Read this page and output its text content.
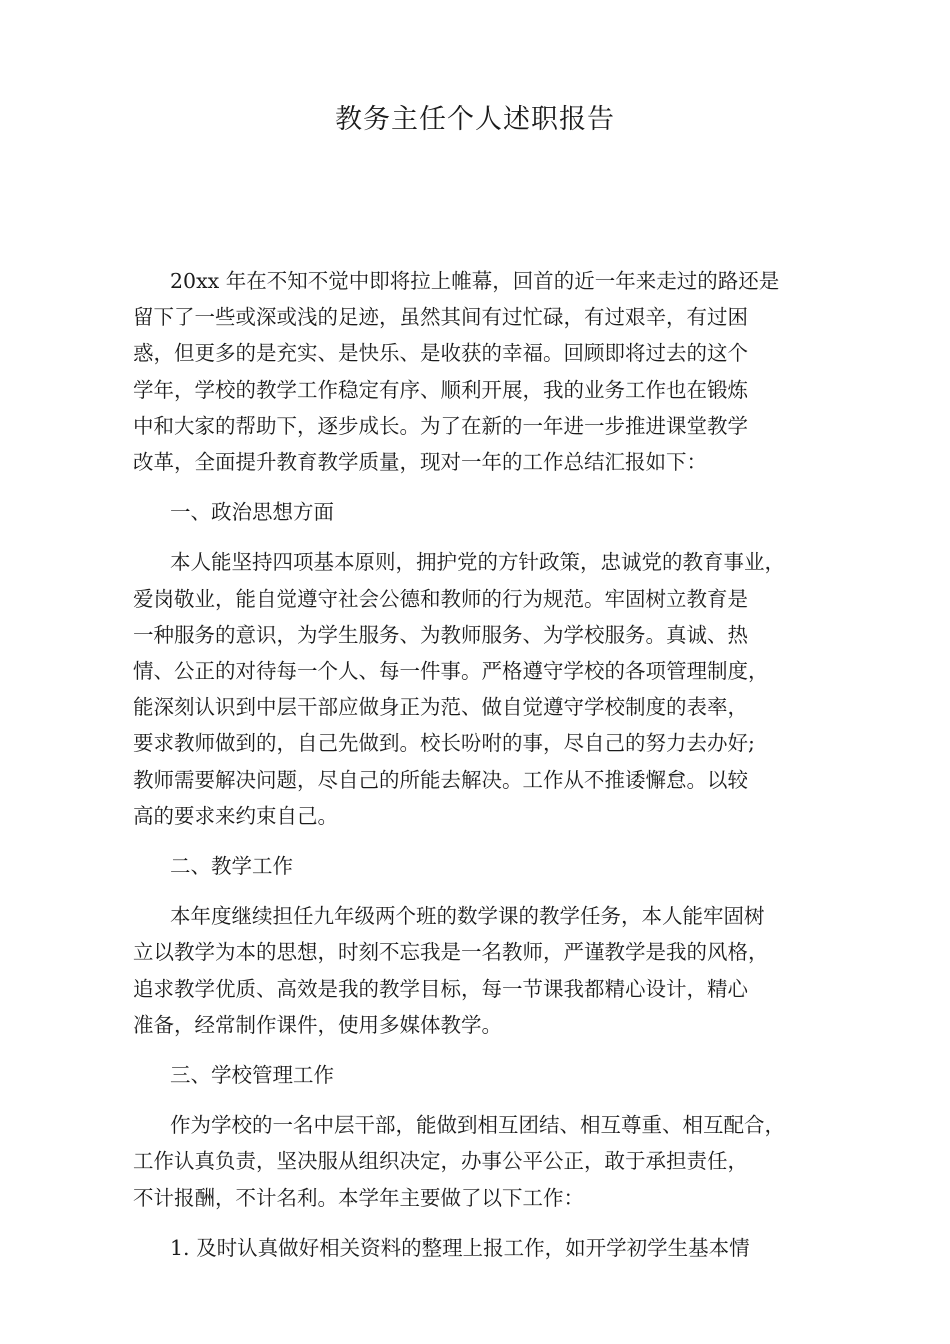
教务主任个人述职报告
20xx 年在不知不觉中即将拉上帷幕，回首的近一年来走过的路还是
留下了一些或深或浅的足迹，虽然其间有过忙碌，有过艰辛，有过困
惑，但更多的是充实、是快乐、是收获的幸福。回顾即将过去的这个
学年，学校的教学工作稳定有序、顺利开展，我的业务工作也在锻炼
中和大家的帮助下，逐步成长。为了在新的一年进一步推进课堂教学
改革，全面提升教育教学质量，现对一年的工作总结汇报如下：
一、政治思想方面
本人能坚持四项基本原则，拥护党的方针政策，忠诚党的教育事业，
爱岗敬业，能自觉遵守社会公德和教师的行为规范。牢固树立教育是
一种服务的意识，为学生服务、为教师服务、为学校服务。真诚、热
情、公正的对待每一个人、每一件事。严格遵守学校的各项管理制度，
能深刻认识到中层干部应做身正为范、做自觉遵守学校制度的表率，
要求教师做到的，自己先做到。校长吩咐的事，尽自己的努力去办好;
教师需要解决问题，尽自己的所能去解决。工作从不推诿懈怠。以较
高的要求来约束自己。
二、教学工作
本年度继续担任九年级两个班的数学课的教学任务，本人能牢固树
立以教学为本的思想，时刻不忘我是一名教师，严谨教学是我的风格，
追求教学优质、高效是我的教学目标，每一节课我都精心设计，精心
准备，经常制作课件，使用多媒体教学。
三、学校管理工作
作为学校的一名中层干部，能做到相互团结、相互尊重、相互配合，
工作认真负责，坚决服从组织决定，办事公平公正，敢于承担责任，
不计报酬，不计名利。本学年主要做了以下工作：
1. 及时认真做好相关资料的整理上报工作，如开学初学生基本情
